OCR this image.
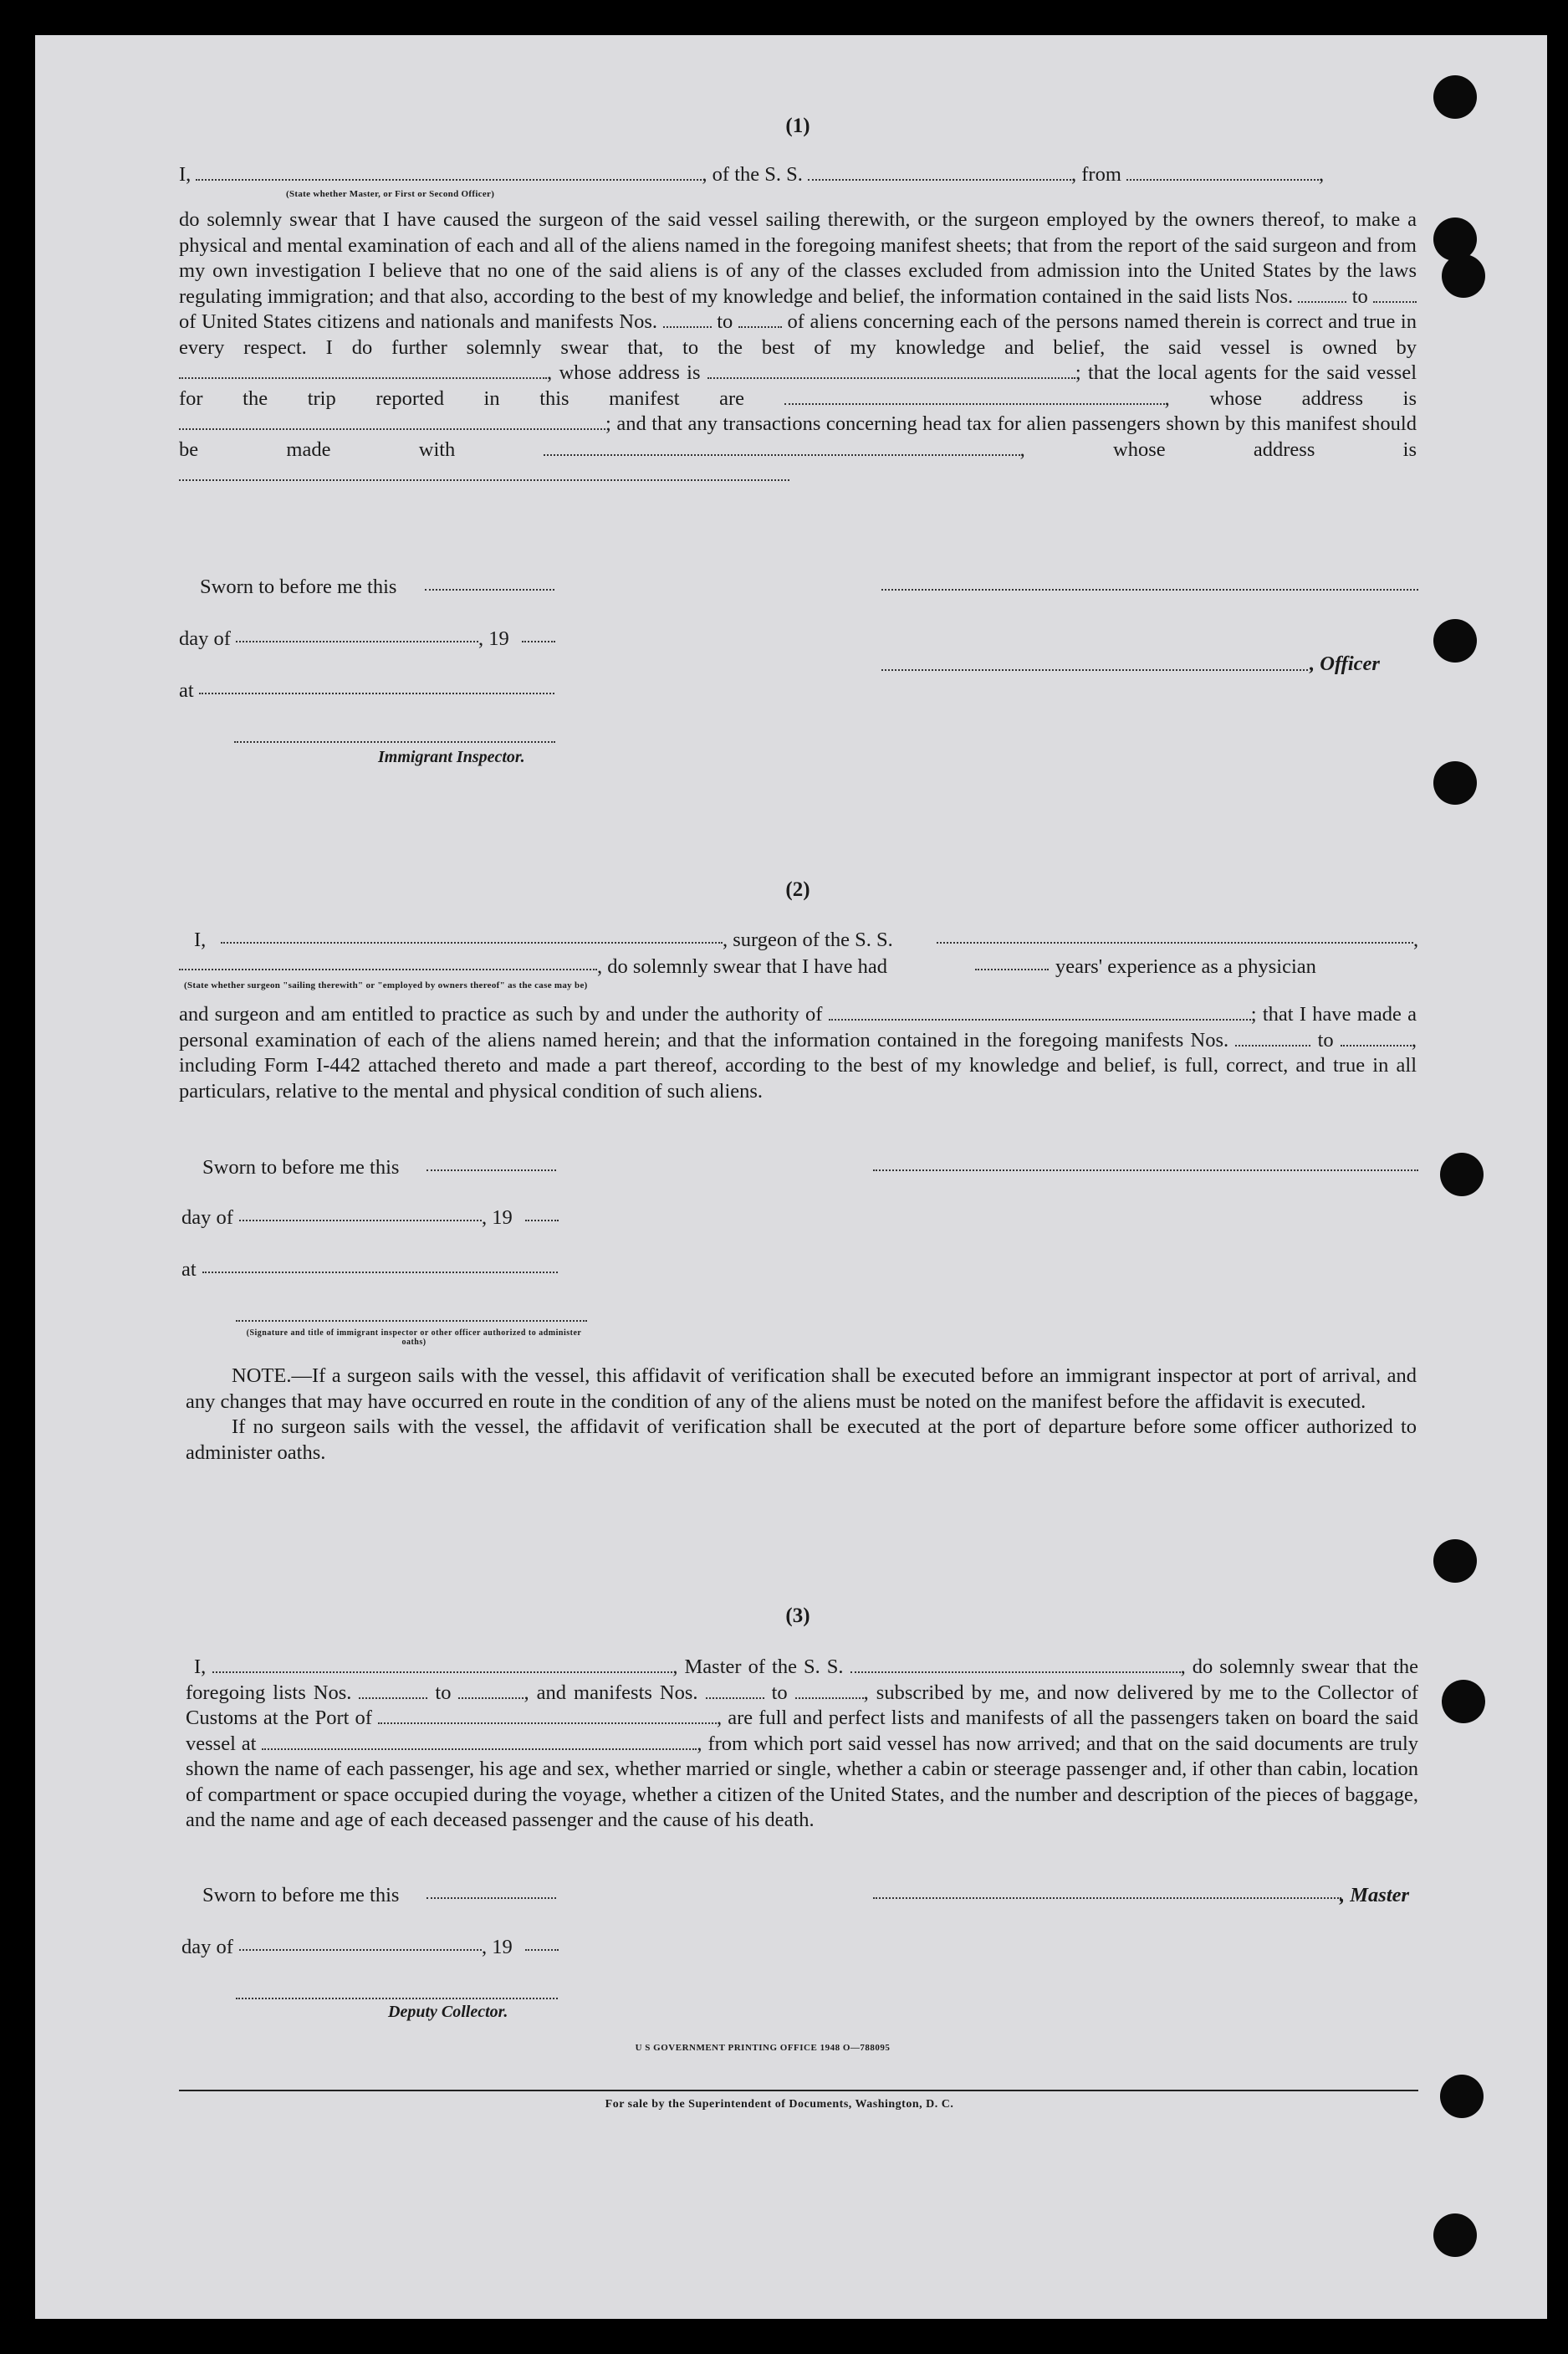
(1)

I,	, of the S. S.	, from	,

(State whether Master, or First or Second Officer)

do solemnly swear that I have caused the surgeon of the said vessel sailing therewith, or the surgeon employed by the owners thereof, to make a physical and mental examination of each and all of the aliens named in the foregoing manifest sheets; that from the report of the said surgeon and from my own investigation I believe that no one of the said aliens is of any of the classes excluded from admission into the United States by the laws regulating immigration; and that also, according to the best of my knowledge and belief, the information contained in the said lists Nos.	to  of United States citizens and nationals and manifests Nos.	to	of aliens concerning each of the persons named therein is correct and true in every respect. I do further solemnly swear that, to the best of my knowledge and belief, the said vessel is owned by , whose address is	; that the local agents for the said vessel for the trip reported in this manifest are	, whose address is ; and that any transactions concerning head tax for alien passengers shown by this manifest should be made with	, whose address is

Sworn to before me this
day of	, 19
, Officer
at
Immigrant Inspector.
(2)
I,	, surgeon of the S. S.	,
, do solemnly swear that I have had	years' experience as a physician
(State whether surgeon "sailing therewith" or "employed by owners thereof" as the case may be)

and surgeon and am entitled to practice as such by and under the authority of	; that I have made a personal examination of each of the aliens named herein; and that the information contained in the foregoing manifests Nos.	to	, including Form I-442 attached thereto and made a part thereof, according to the best of my knowledge and belief, is full, correct, and true in all particulars, relative to the mental and physical condition of such aliens.

Sworn to before me this
day of	, 19
at
(Signature and title of immigrant inspector or other officer authorized to administer oaths)

NOTE.—If a surgeon sails with the vessel, this affidavit of verification shall be executed before an immigrant inspector at port of arrival, and any changes that may have occurred en route in the condition of any of the aliens must be noted on the manifest before the affidavit is executed.

If no surgeon sails with the vessel, the affidavit of verification shall be executed at the port of departure before some officer authorized to administer oaths.

(3)

I,	, Master of the S. S.	, do solemnly swear that the foregoing lists Nos.	to	, and manifests Nos.	to	, subscribed by me, and now delivered by me to the Collector of Customs at the Port of	, are full and perfect lists and manifests of all the passengers taken on board the said vessel at	, from which port said vessel has now arrived; and that on the said documents are truly shown the name of each passenger, his age and sex, whether married or single, whether a cabin or steerage passenger and, if other than cabin, location of compartment or space occupied during the voyage, whether a citizen of the United States, and the number and description of the pieces of baggage, and the name and age of each deceased passenger and the cause of his death.

Sworn to before me this	, Master
day of	, 19
Deputy Collector.
U S GOVERNMENT PRINTING OFFICE 1948 O—788095
For sale by the Superintendent of Documents, Washington, D. C.
